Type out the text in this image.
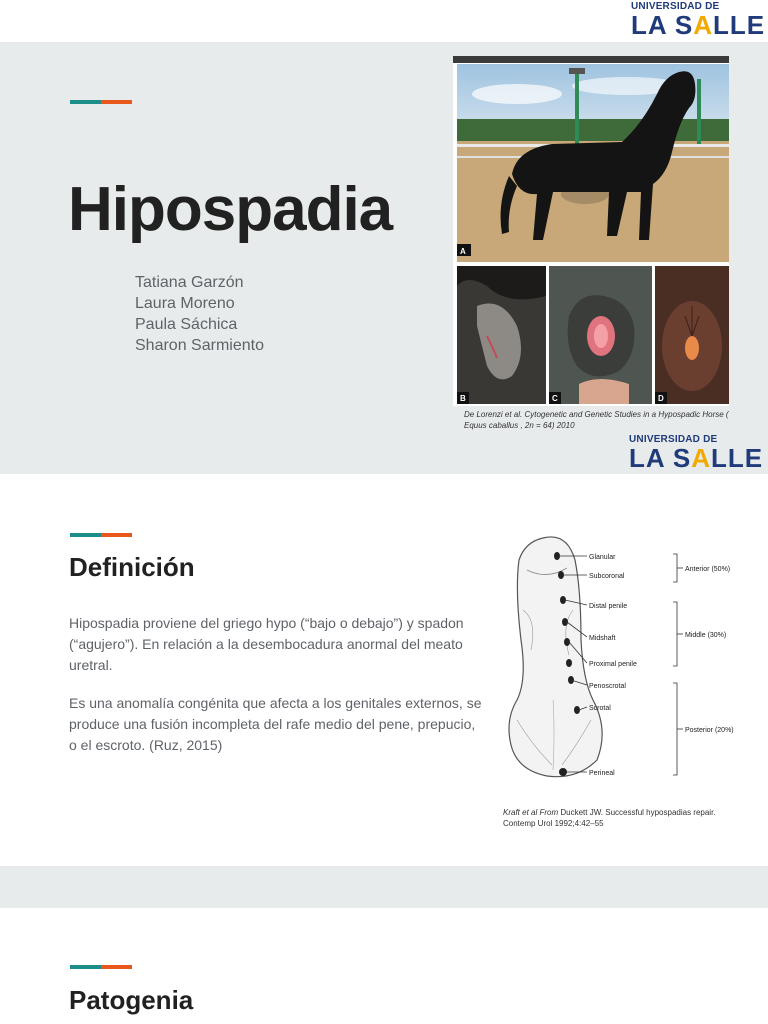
UNIVERSIDAD DE
LA SALLE
Hipospadia
Tatiana Garzón
Laura Moreno
Paula Sáchica
Sharon Sarmiento
A
B	C	D
De Lorenzi et al. Cytogenetic and Genetic Studies in a Hypospadic Horse ( Equus caballus , 2n = 64) 2010
UNIVERSIDAD DE
LA SALLE
Definición
Hipospadia proviene del griego hypo (“bajo o debajo”) y spadon (“agujero”). En relación a la desembocadura anormal del meato uretral.
Es una anomalía congénita que afecta a los genitales externos, se produce una fusión incompleta del rafe medio del pene, prepucio, o el escroto. (Ruz, 2015)
Glanular
Subcoronal
Distal penile
Midshaft
Proximal penile
Penoscrotal
Scrotal
Perineal
Anterior (50%)
Middle (30%)
Posterior (20%)
Kraft et al From Duckett JW. Successful hypospadias repair. Contemp Urol 1992;4:42–55
Patogenia
